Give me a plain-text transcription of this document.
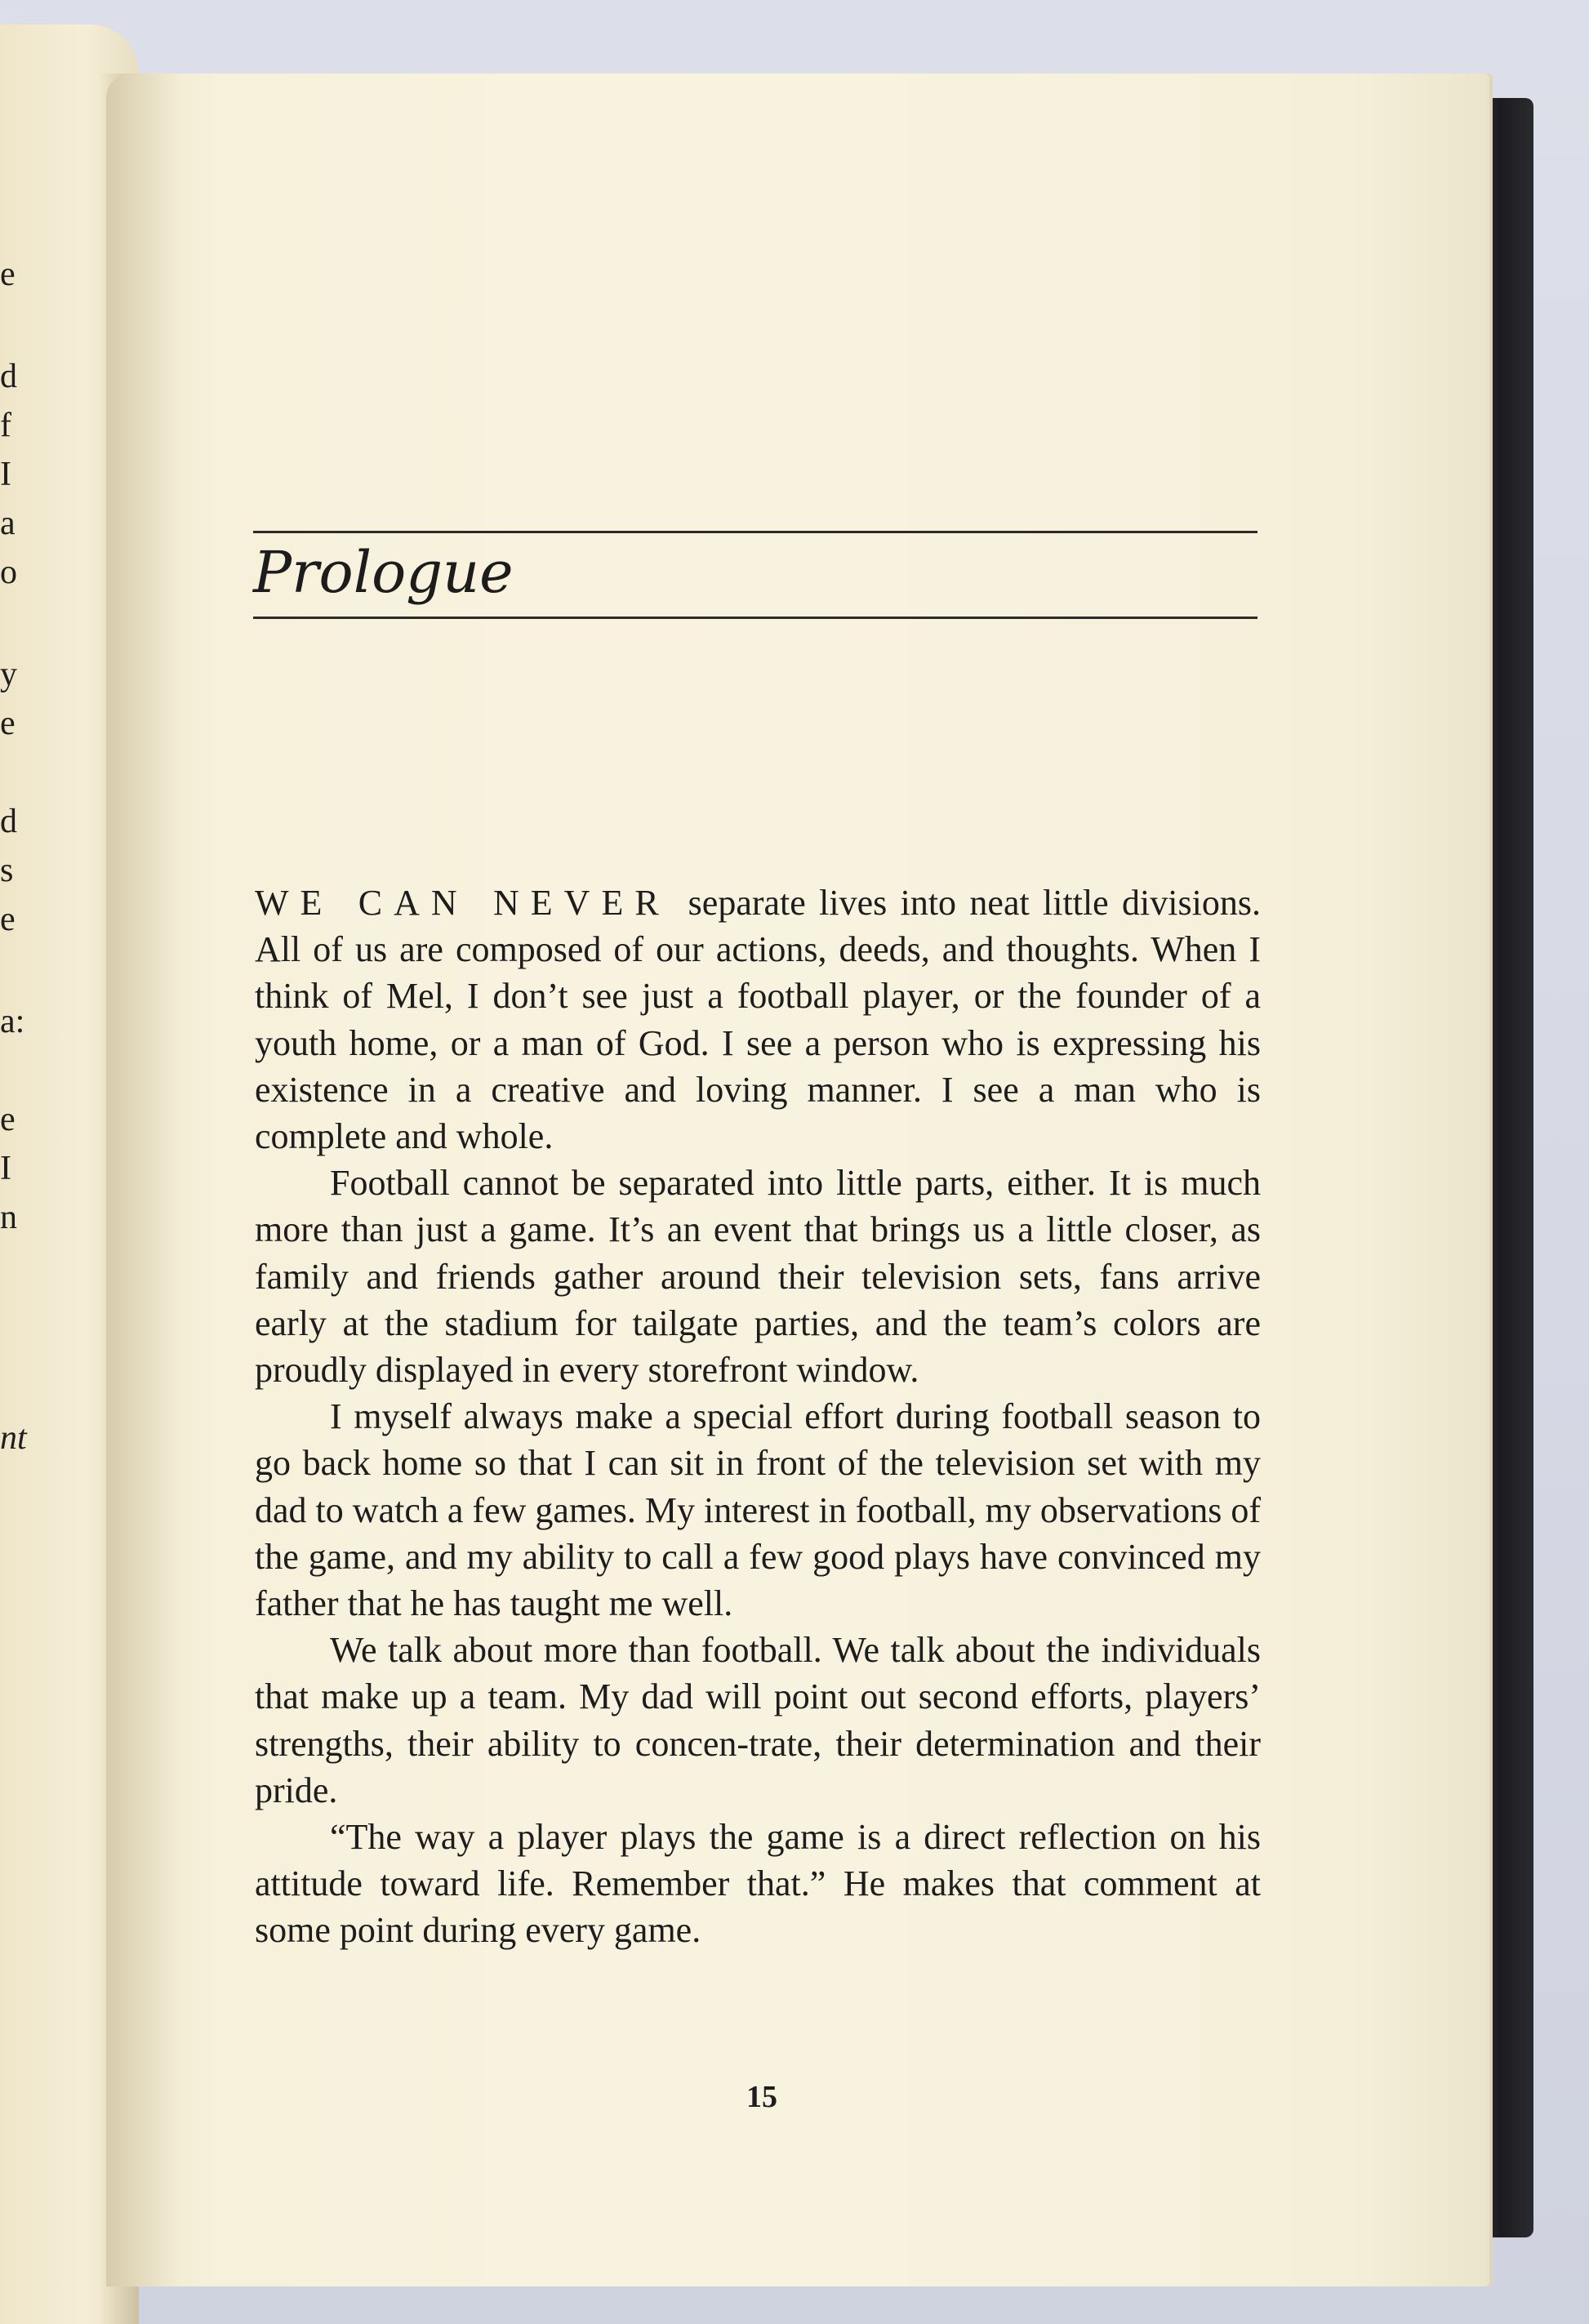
e
d
f
I
a
o
y
e
d
s
e
a:
e
I
n
nt
Prologue

WE CAN NEVER separate lives into neat little divisions. All of us are composed of our actions, deeds, and thoughts. When I think of Mel, I don’t see just a football player, or the founder of a youth home, or a man of God. I see a person who is expressing his existence in a creative and loving manner. I see a man who is complete and whole.

Football cannot be separated into little parts, either. It is much more than just a game. It’s an event that brings us a little closer, as family and friends gather around their television sets, fans arrive early at the stadium for tailgate parties, and the team’s colors are proudly displayed in every storefront window.

I myself always make a special effort during football season to go back home so that I can sit in front of the television set with my dad to watch a few games. My interest in football, my observations of the game, and my ability to call a few good plays have convinced my father that he has taught me well.

We talk about more than football. We talk about the individuals that make up a team. My dad will point out second efforts, players’ strengths, their ability to concen-trate, their determination and their pride.

“The way a player plays the game is a direct reflection on his attitude toward life. Remember that.” He makes that comment at some point during every game.

15
